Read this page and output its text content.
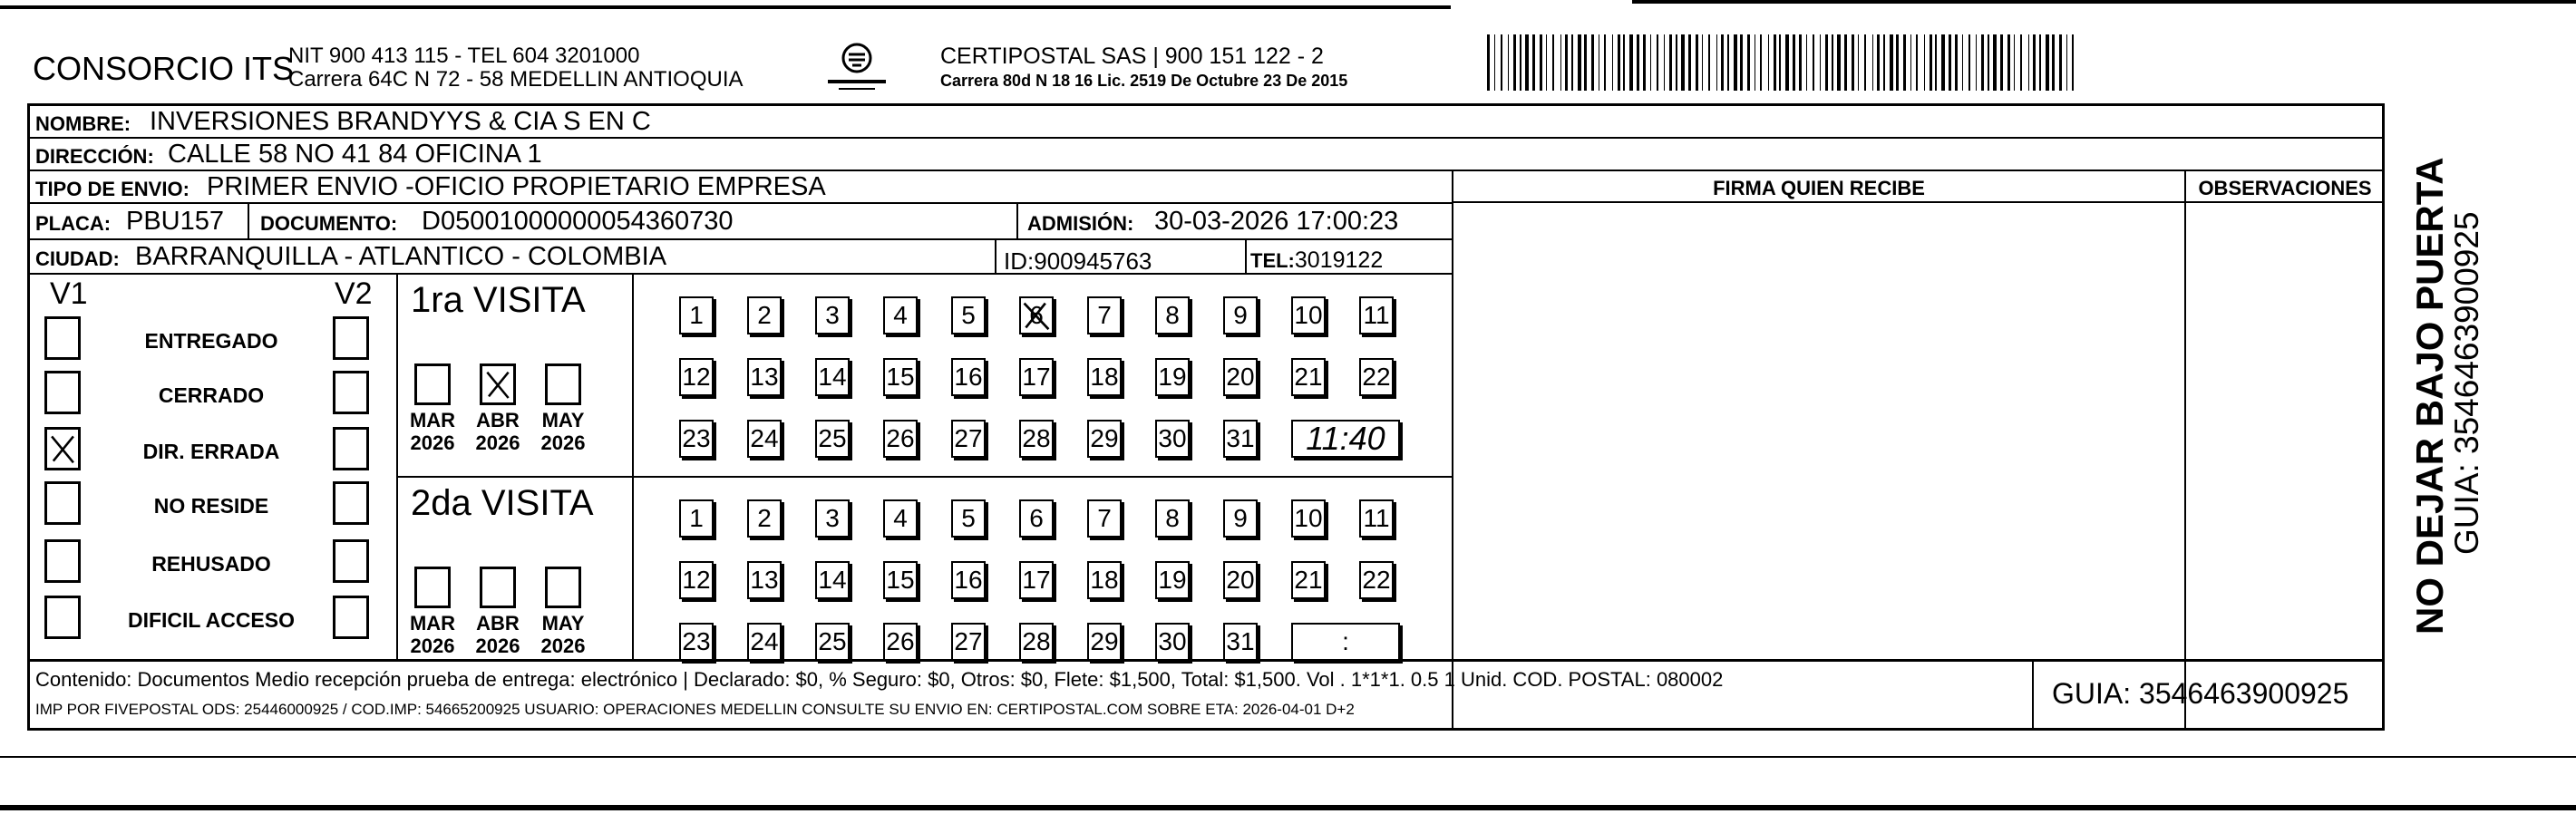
CONSORCIO ITS
NIT 900 413 115 - TEL 604 3201000
Carrera 64C N 72 - 58 MEDELLIN ANTIOQUIA
CERTIPOSTAL SAS | 900 151 122 - 2
Carrera 80d N 18 16 Lic. 2519 De Octubre 23 De 2015
NOMBRE: INVERSIONES BRANDYYS & CIA S EN C
DIRECCIÓN: CALLE 58 NO 41 84 OFICINA 1
TIPO DE ENVIO: PRIMER ENVIO -OFICIO PROPIETARIO EMPRESA
PLACA: PBU157 DOCUMENTO: D05001000000054360730	ADMISIÓN: 30-03-2026 17:00:23
CIUDAD: BARRANQUILLA - ATLANTICO - COLOMBIA	ID:900945763	TEL:3019122
FIRMA QUIEN RECIBE	OBSERVACIONES
V1	V2
ENTREGADO
CERRADO
DIR. ERRADA
NO RESIDE
REHUSADO
DIFICIL ACCESO
1ra VISITA
2da VISITA
MAR
2026
ABR
2026
MAY
2026
1 2 3 4 5 6 7 8 9 10 11
12 13 14 15 16 17 18 19 20 21 22
23 24 25 26 27 28 29 30 31 11:40
MAR
2026
ABR
2026
MAY
2026
1 2 3 4 5 6 7 8 9 10 11
12 13 14 15 16 17 18 19 20 21 22
23 24 25 26 27 28 29 30 31	:
Contenido: Documentos Medio recepción prueba de entrega: electrónico | Declarado: $0, % Seguro: $0, Otros: $0, Flete: $1,500, Total: $1,500. Vol . 1*1*1. 0.5 1 Unid. COD. POSTAL: 080002
IMP POR FIVEPOSTAL ODS: 25446000925 / COD.IMP: 54665200925 USUARIO: OPERACIONES MEDELLIN CONSULTE SU ENVIO EN: CERTIPOSTAL.COM SOBRE ETA: 2026-04-01 D+2	GUIA: 3546463900925
NO DEJAR BAJO PUERTA
GUIA: 3546463900925
